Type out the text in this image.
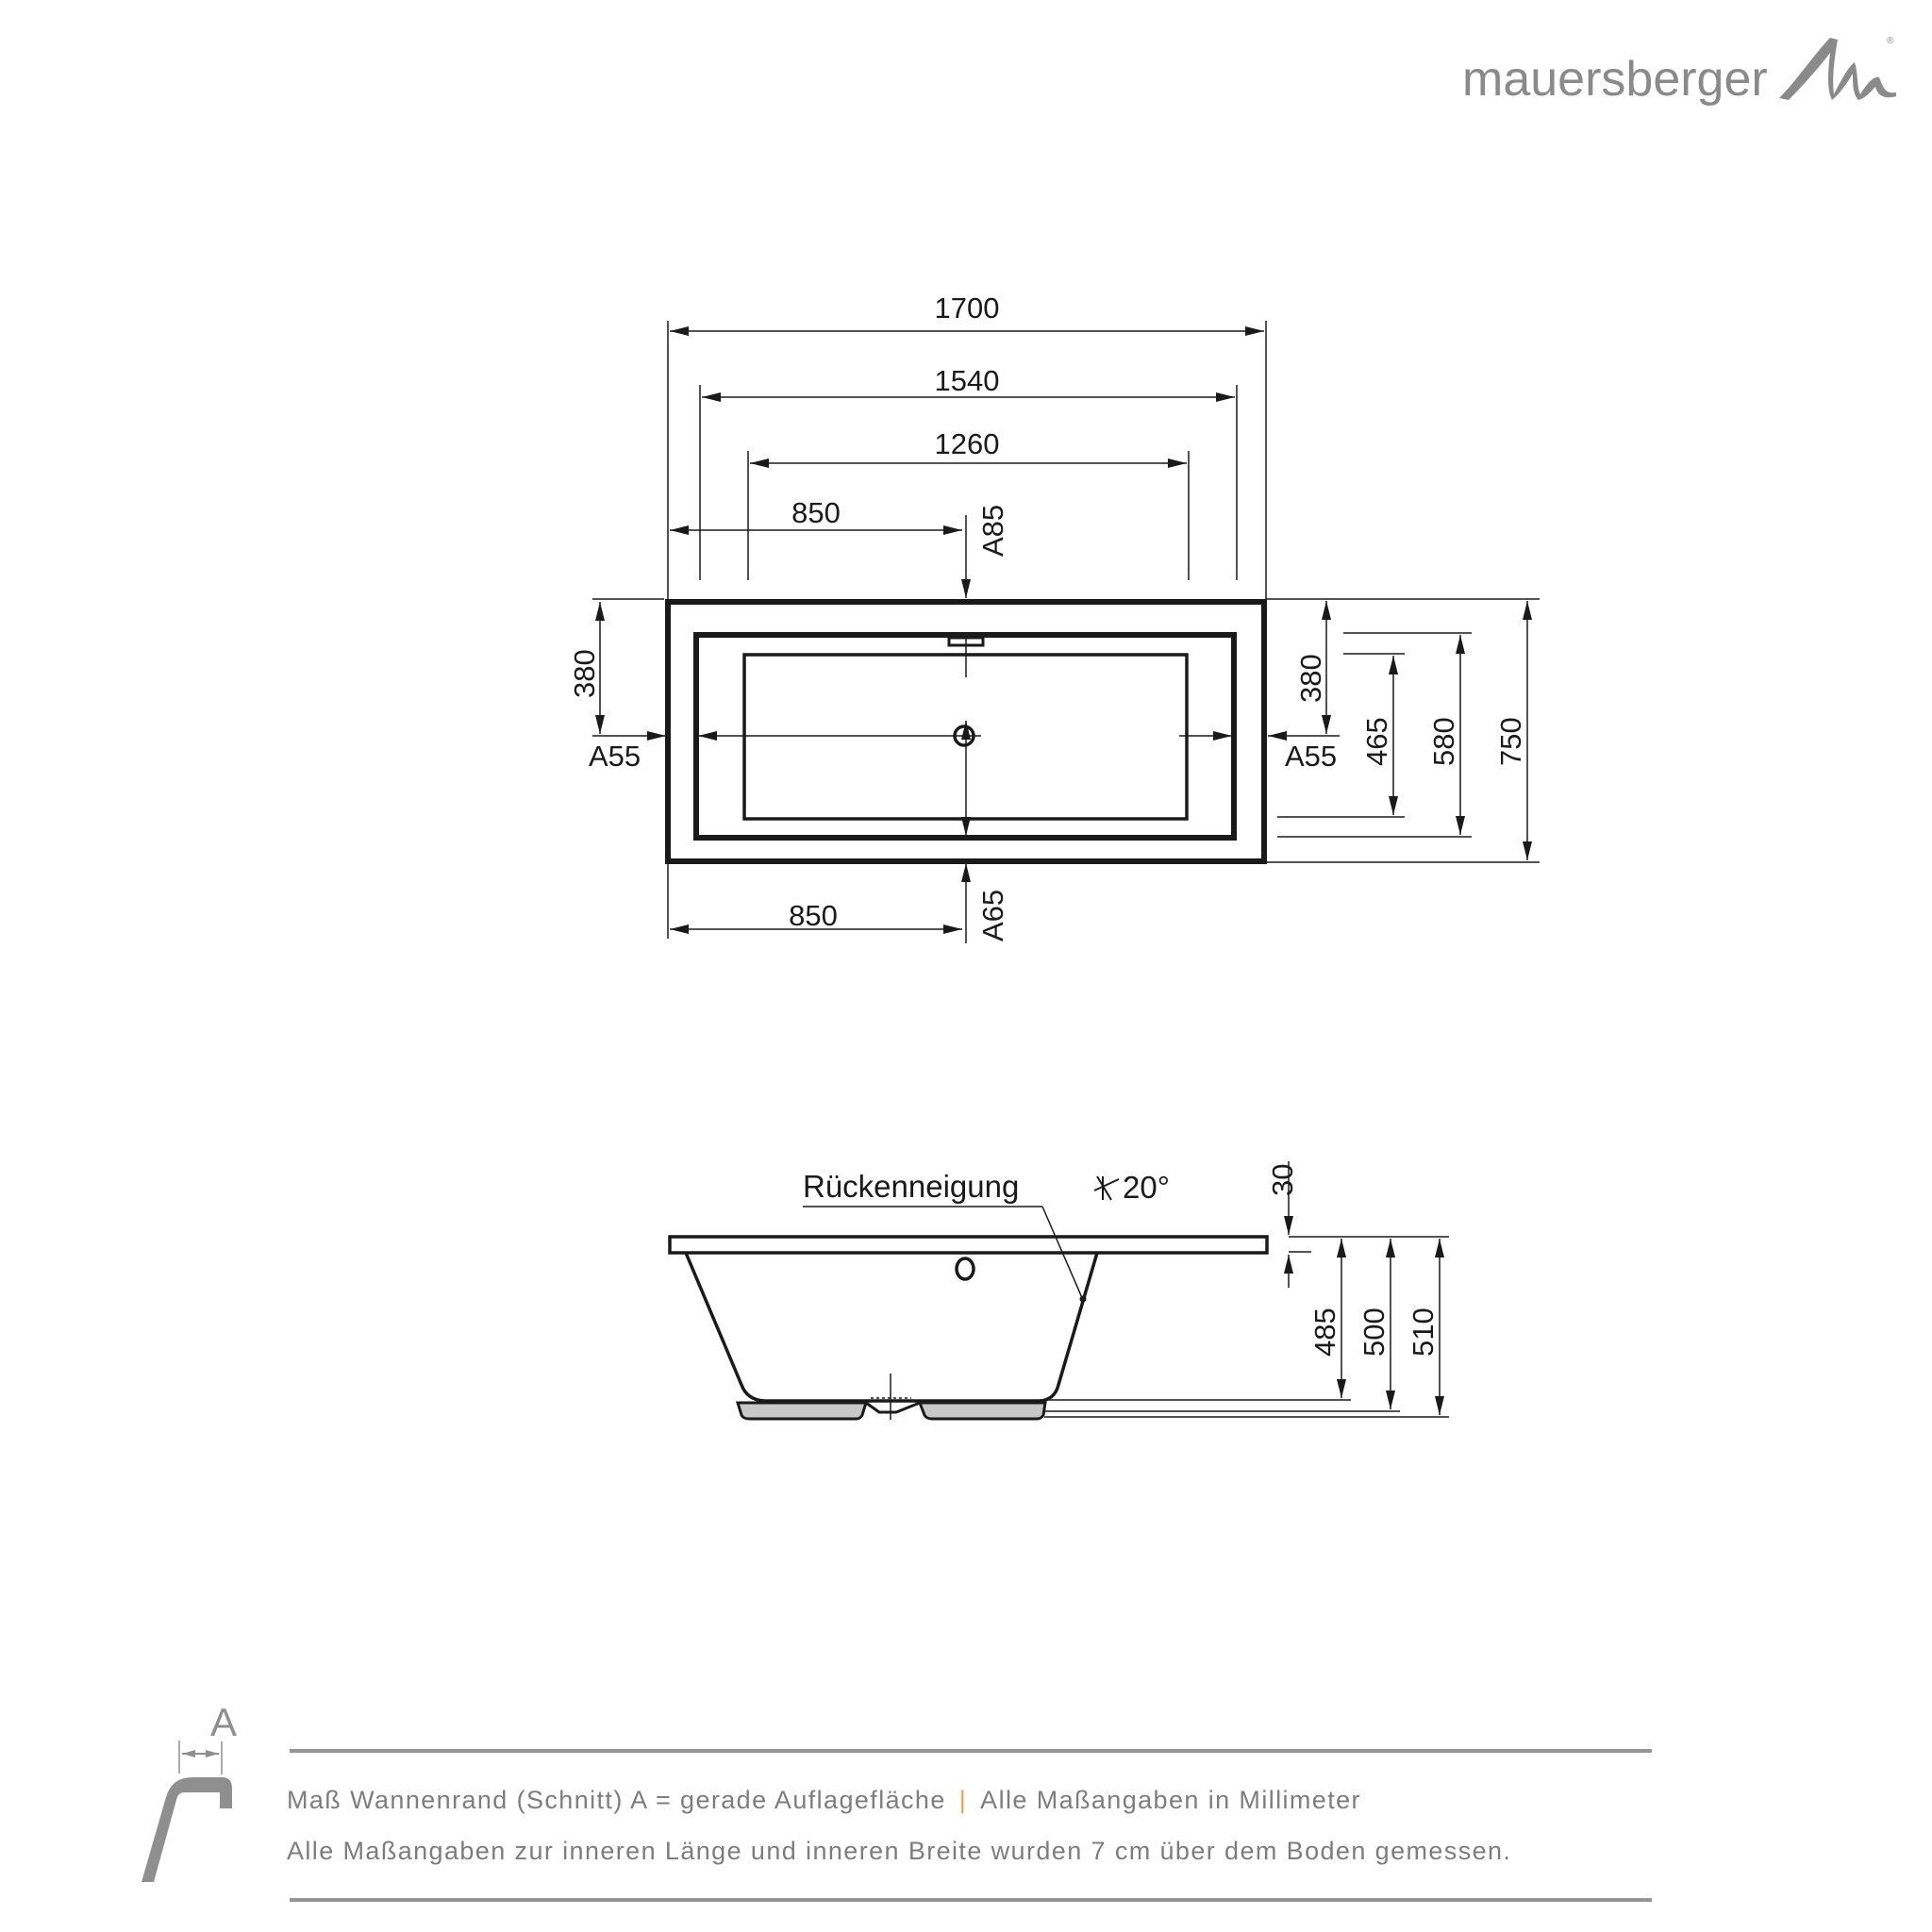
mauersberger
®
1700
1540
1260
850	A85
380
A55	A55
380
465 580 750
850	A65
Rückenneigung	20°	30
485 500 510
A
Maß Wannenrand (Schnitt) A = gerade Auflagefläche | Alle Maßangaben in Millimeter
Alle Maßangaben zur inneren Länge und inneren Breite wurden 7 cm über dem Boden gemessen.
